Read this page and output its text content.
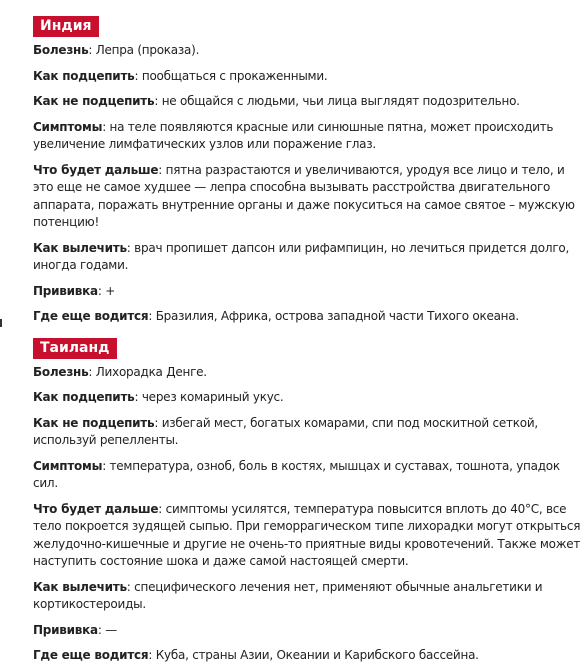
Индия

Болезнь: Лепра (проказа).

Как подцепить: пообщаться с прокаженными.

Как не подцепить: не общайся с людьми, чьи лица выглядят подозрительно.

Симптомы: на теле появляются красные или синюшные пятна, может происходить увеличение лимфатических узлов или поражение глаз.

Что будет дальше: пятна разрастаются и увеличиваются, уродуя все лицо и тело, и это еще не самое худшее — лепра способна вызывать расстройства двигательного аппарата, поражать внутренние органы и даже покуситься на самое святое – мужскую потенцию!

Как вылечить: врач пропишет дапсон или рифампицин, но лечиться придется долго, иногда годами.

Прививка: +

Где еще водится: Бразилия, Африка, острова западной части Тихого океана.

Таиланд

Болезнь: Лихорадка Денге.

Как подцепить: через комариный укус.

Как не подцепить: избегай мест, богатых комарами, спи под москитной сеткой, используй репелленты.

Симптомы: температура, озноб, боль в костях, мышцах и суставах, тошнота, упадок сил.

Что будет дальше: симптомы усилятся, температура повысится вплоть до 40°С, все тело покроется зудящей сыпью. При геморрагическом типе лихорадки могут открыться желудочно-кишечные и другие не очень-то приятные виды кровотечений. Также может наступить состояние шока и даже самой настоящей смерти.

Как вылечить: специфического лечения нет, применяют обычные анальгетики и кортикостероиды.

Прививка: —

Где еще водится: Куба, страны Азии, Океании и Карибского бассейна.
